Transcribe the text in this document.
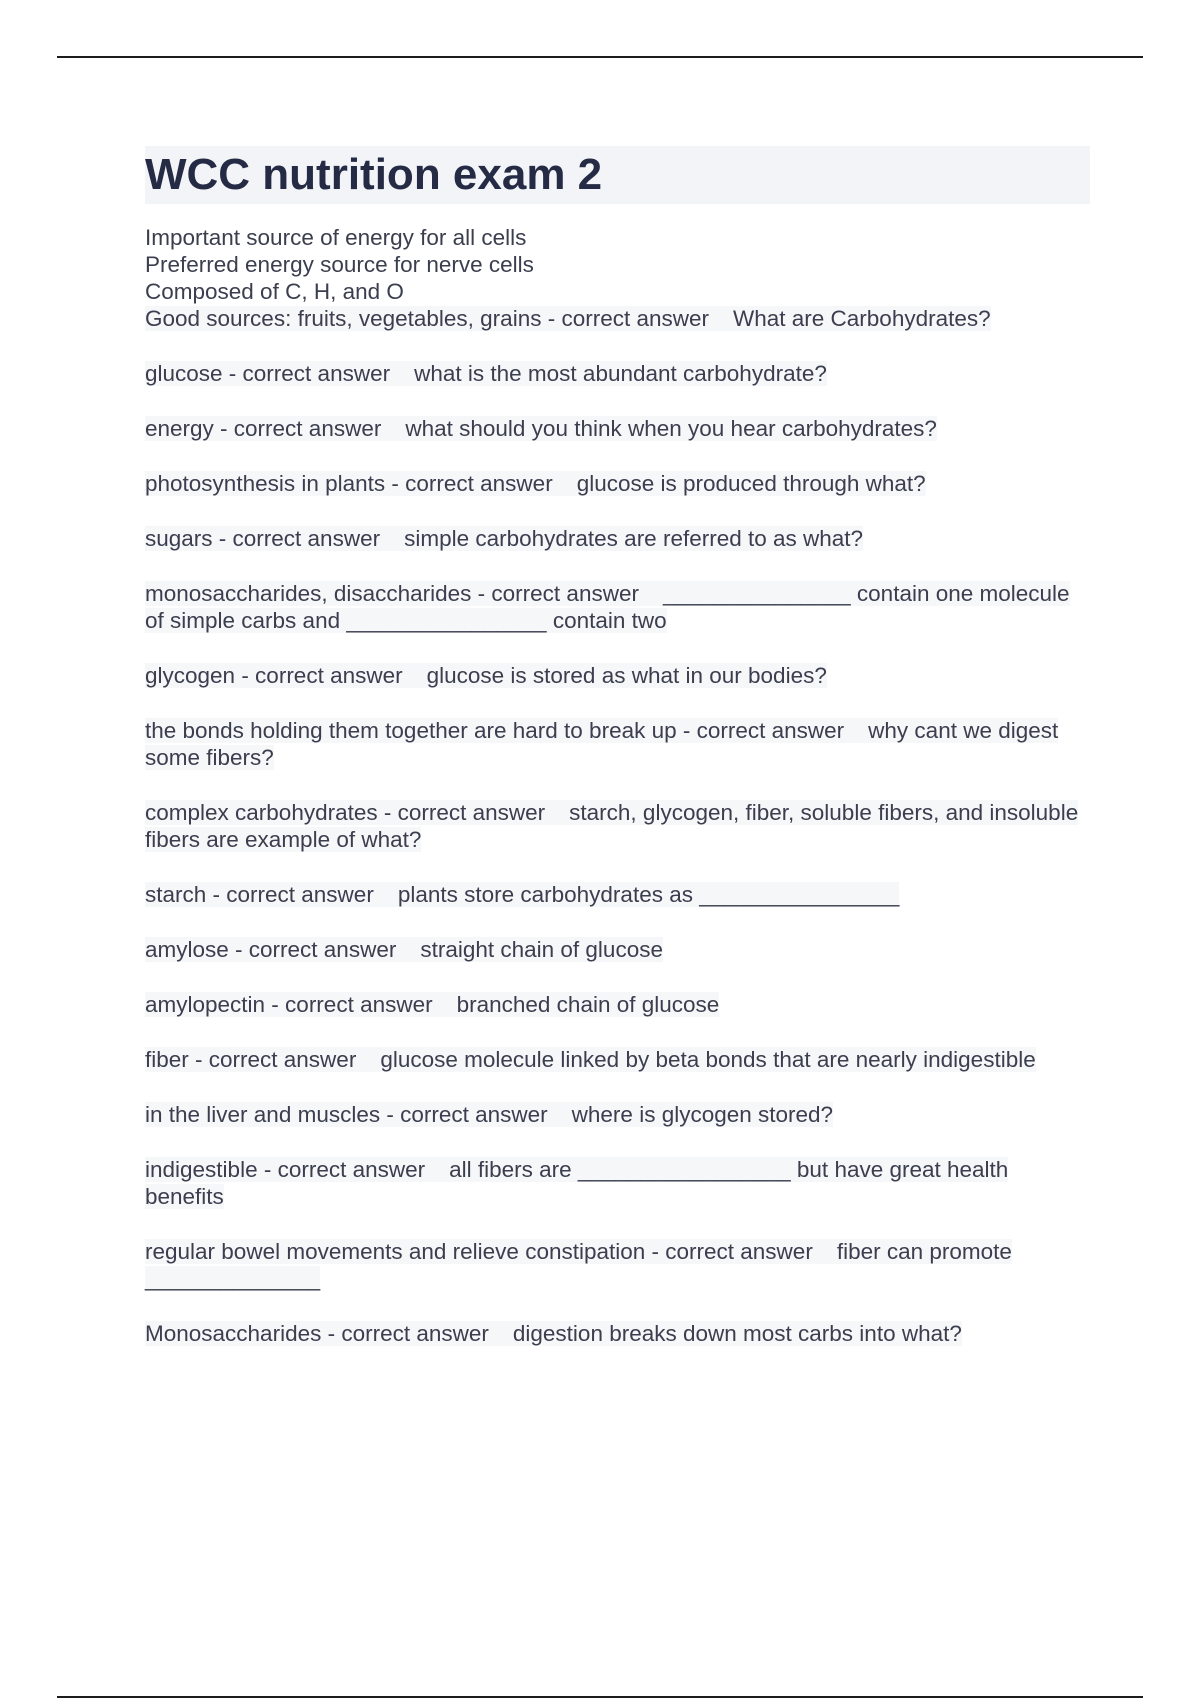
WCC nutrition exam 2
Important source of energy for all cells
Preferred energy source for nerve cells
Composed of C, H, and O
Good sources: fruits, vegetables, grains - correct answer What are Carbohydrates?
glucose - correct answer what is the most abundant carbohydrate?
energy - correct answer what should you think when you hear carbohydrates?
photosynthesis in plants - correct answer glucose is produced through what?
sugars - correct answer simple carbohydrates are referred to as what?
monosaccharides, disaccharides - correct answer _______________ contain one molecule of simple carbs and ________________ contain two
glycogen - correct answer glucose is stored as what in our bodies?
the bonds holding them together are hard to break up - correct answer why cant we digest some fibers?
complex carbohydrates - correct answer starch, glycogen, fiber, soluble fibers, and insoluble fibers are example of what?
starch - correct answer plants store carbohydrates as ________________
amylose - correct answer straight chain of glucose
amylopectin - correct answer branched chain of glucose
fiber - correct answer glucose molecule linked by beta bonds that are nearly indigestible
in the liver and muscles - correct answer where is glycogen stored?
indigestible - correct answer all fibers are _________________ but have great health benefits
regular bowel movements and relieve constipation - correct answer fiber can promote ______________
Monosaccharides - correct answer digestion breaks down most carbs into what?
